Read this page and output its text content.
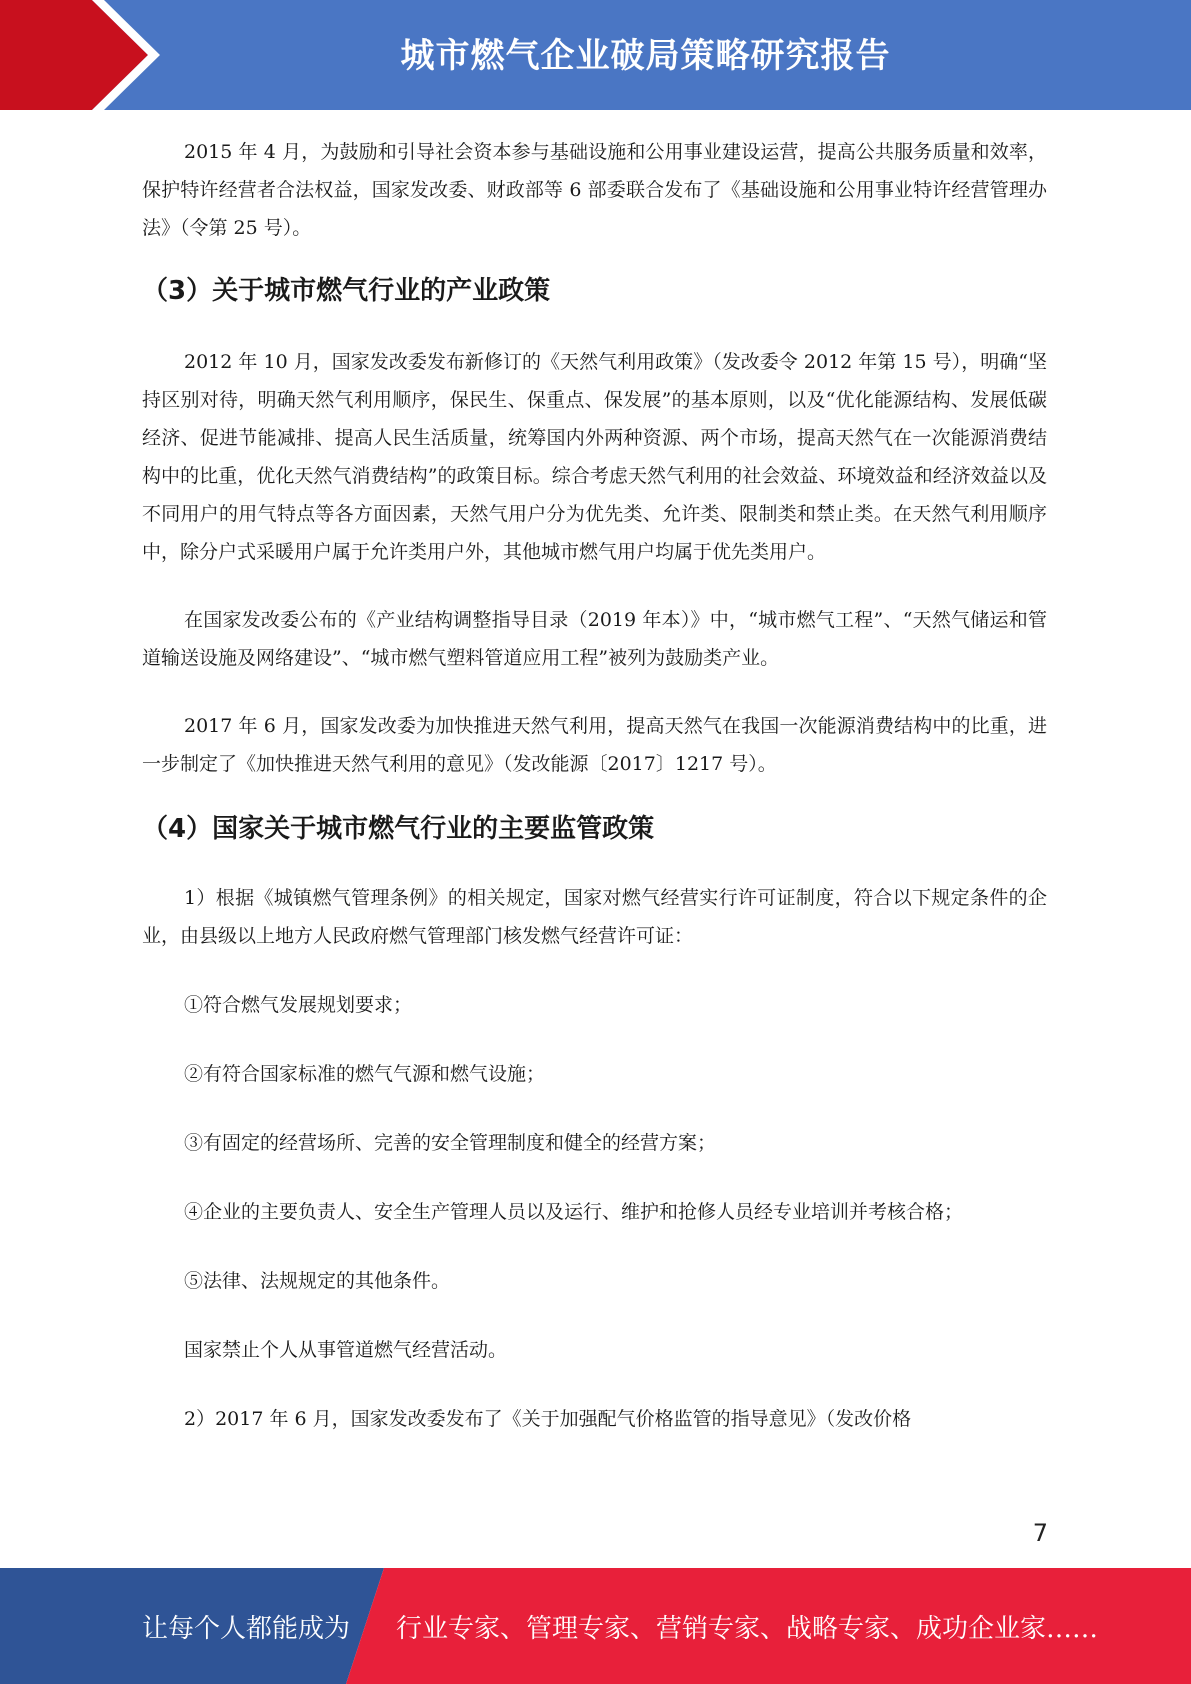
城市燃气企业破局策略研究报告

2015 年 4 月，为鼓励和引导社会资本参与基础设施和公用事业建设运营，提高公共服务质量和效率，保护特许经营者合法权益，国家发改委、财政部等 6 部委联合发布了《基础设施和公用事业特许经营管理办法》（令第 25 号）。

（3）关于城市燃气行业的产业政策

2012 年 10 月，国家发改委发布新修订的《天然气利用政策》（发改委令 2012 年第 15 号），明确“坚持区别对待，明确天然气利用顺序，保民生、保重点、保发展”的基本原则，以及“优化能源结构、发展低碳经济、促进节能减排、提高人民生活质量，统筹国内外两种资源、两个市场，提高天然气在一次能源消费结构中的比重，优化天然气消费结构”的政策目标。综合考虑天然气利用的社会效益、环境效益和经济效益以及不同用户的用气特点等各方面因素，天然气用户分为优先类、允许类、限制类和禁止类。在天然气利用顺序中，除分户式采暖用户属于允许类用户外，其他城市燃气用户均属于优先类用户。

在国家发改委公布的《产业结构调整指导目录（2019 年本）》中，“城市燃气工程”、“天然气储运和管道输送设施及网络建设”、“城市燃气塑料管道应用工程”被列为鼓励类产业。

2017 年 6 月，国家发改委为加快推进天然气利用，提高天然气在我国一次能源消费结构中的比重，进一步制定了《加快推进天然气利用的意见》（发改能源〔2017〕1217 号）。

（4）国家关于城市燃气行业的主要监管政策

1）根据《城镇燃气管理条例》的相关规定，国家对燃气经营实行许可证制度，符合以下规定条件的企业，由县级以上地方人民政府燃气管理部门核发燃气经营许可证：

①符合燃气发展规划要求；

②有符合国家标准的燃气气源和燃气设施；

③有固定的经营场所、完善的安全管理制度和健全的经营方案；

④企业的主要负责人、安全生产管理人员以及运行、维护和抢修人员经专业培训并考核合格；

⑤法律、法规规定的其他条件。

国家禁止个人从事管道燃气经营活动。

2）2017 年 6 月，国家发改委发布了《关于加强配气价格监管的指导意见》（发改价格

7
让每个人都能成为 行业专家、管理专家、营销专家、战略专家、成功企业家……
